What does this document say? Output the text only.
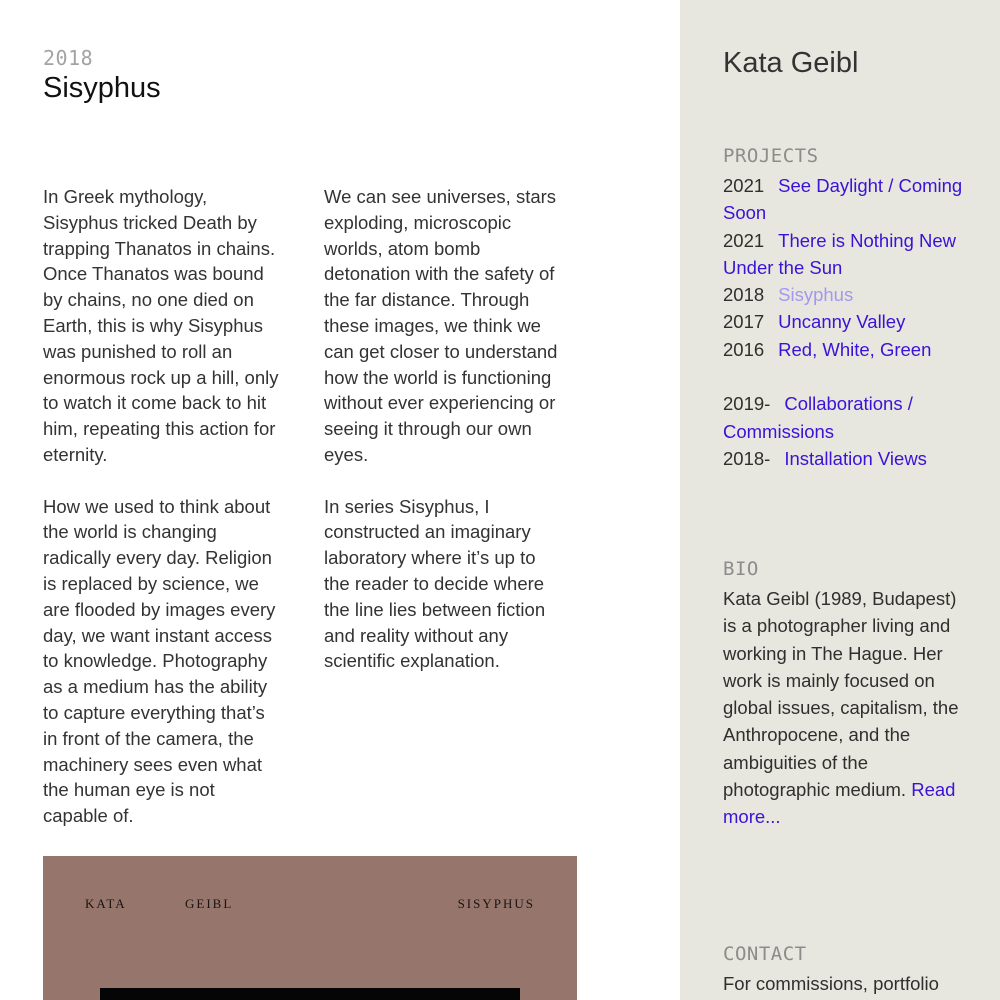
2018
Sisyphus

In Greek mythology,
Sisyphus tricked Death by
trapping Thanatos in chains.
Once Thanatos was bound
by chains, no one died on
Earth, this is why Sisyphus
was punished to roll an
enormous rock up a hill, only
to watch it come back to hit
him, repeating this action for
eternity.

How we used to think about
the world is changing
radically every day. Religion
is replaced by science, we
are flooded by images every
day, we want instant access
to knowledge. Photography
as a medium has the ability
to capture everything that’s
in front of the camera, the
machinery sees even what
the human eye is not
capable of.

We can see universes, stars
exploding, microscopic
worlds, atom bomb
detonation with the safety of
the far distance. Through
these images, we think we
can get closer to understand
how the world is functioning
without ever experiencing or
seeing it through our own
eyes.

In series Sisyphus, I
constructed an imaginary
laboratory where it’s up to
the reader to decide where
the line lies between fiction
and reality without any
scientific explanation.

KATA	GEIBL	SISYPHUS
Kata Geibl
PROJECTS
2021 See Daylight / Coming Soon
2021 There is Nothing New Under the Sun
2018 Sisyphus
2017 Uncanny Valley
2016 Red, White, Green
2019- Collaborations / Commissions
2018- Installation Views
BIO
Kata Geibl (1989, Budapest) is a photographer living and working in The Hague. Her work is mainly focused on global issues, capitalism, the Anthropocene, and the ambiguities of the photographic medium. Read more...
CONTACT
For commissions, portfolio
